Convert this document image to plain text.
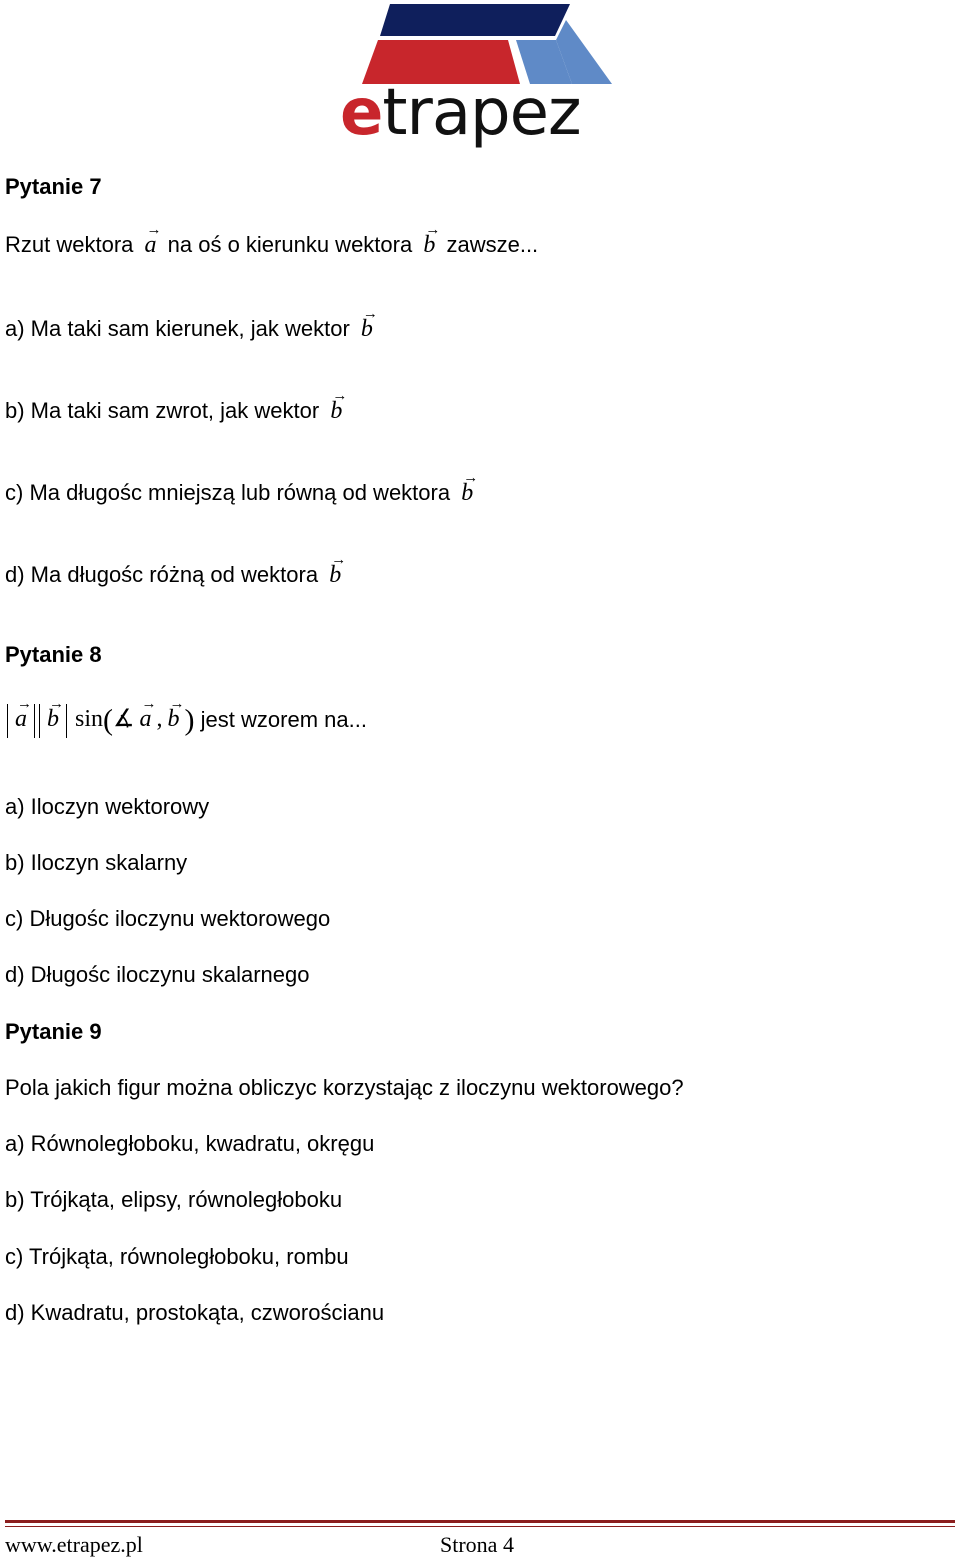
etrapez
Pytanie 7
Rzut wektora → a na oś o kierunku wektora → b zawsze...
a) Ma taki sam kierunek, jak wektor → b
b) Ma taki sam zwrot, jak wektor → b
c) Ma długośc mniejszą lub równą od wektora → b
d) Ma długośc różną od wektora → b
Pytanie 8
→ a → b sin(∡ → a , → b ) jest wzorem na...
a) Iloczyn wektorowy
b) Iloczyn skalarny
c) Długośc iloczynu wektorowego
d) Długośc iloczynu skalarnego
Pytanie 9
Pola jakich figur można obliczyc korzystając z iloczynu wektorowego?
a) Równoległoboku, kwadratu, okręgu
b) Trójkąta, elipsy, równoległoboku
c) Trójkąta, równoległoboku, rombu
d) Kwadratu, prostokąta, czworościanu
www.etrapez.pl	Strona 4
